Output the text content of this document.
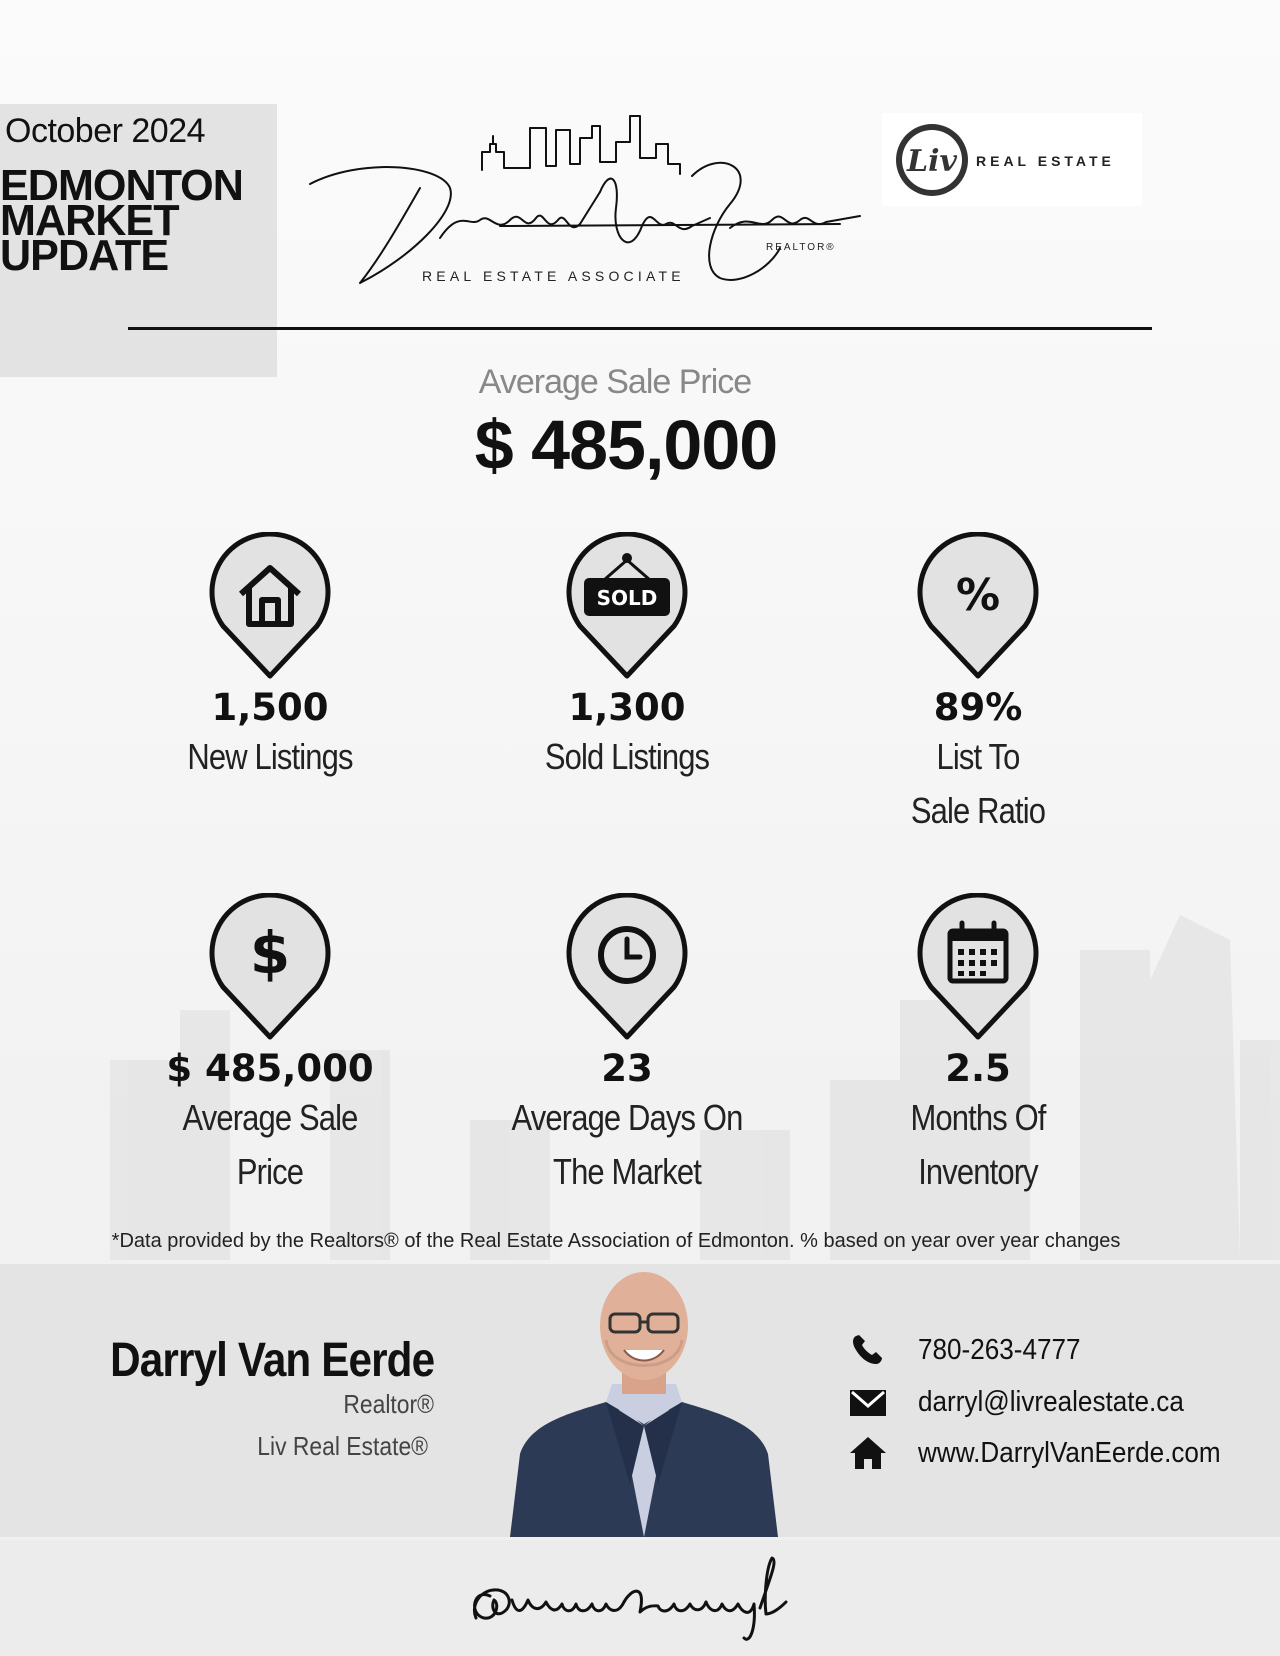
October 2024
EDMONTON
MARKET
UPDATE	REAL ESTATE ASSOCIATE
REALTOR®
Liv REAL ESTATE
Average Sale Price
$ 485,000
1,500
New Listings
SOLD
1,300
Sold Listings
%
89%
List To
Sale Ratio
$
$ 485,000
Average Sale
Price
23
Average Days On
The Market
2.5
Months Of
Inventory
*Data provided by the Realtors® of the Real Estate Association of Edmonton. % based on year over year changes
Darryl Van Eerde
Realtor®
Liv Real Estate®
780-263-4777
darryl@livrealestate.ca
www.DarrylVanEerde.com
